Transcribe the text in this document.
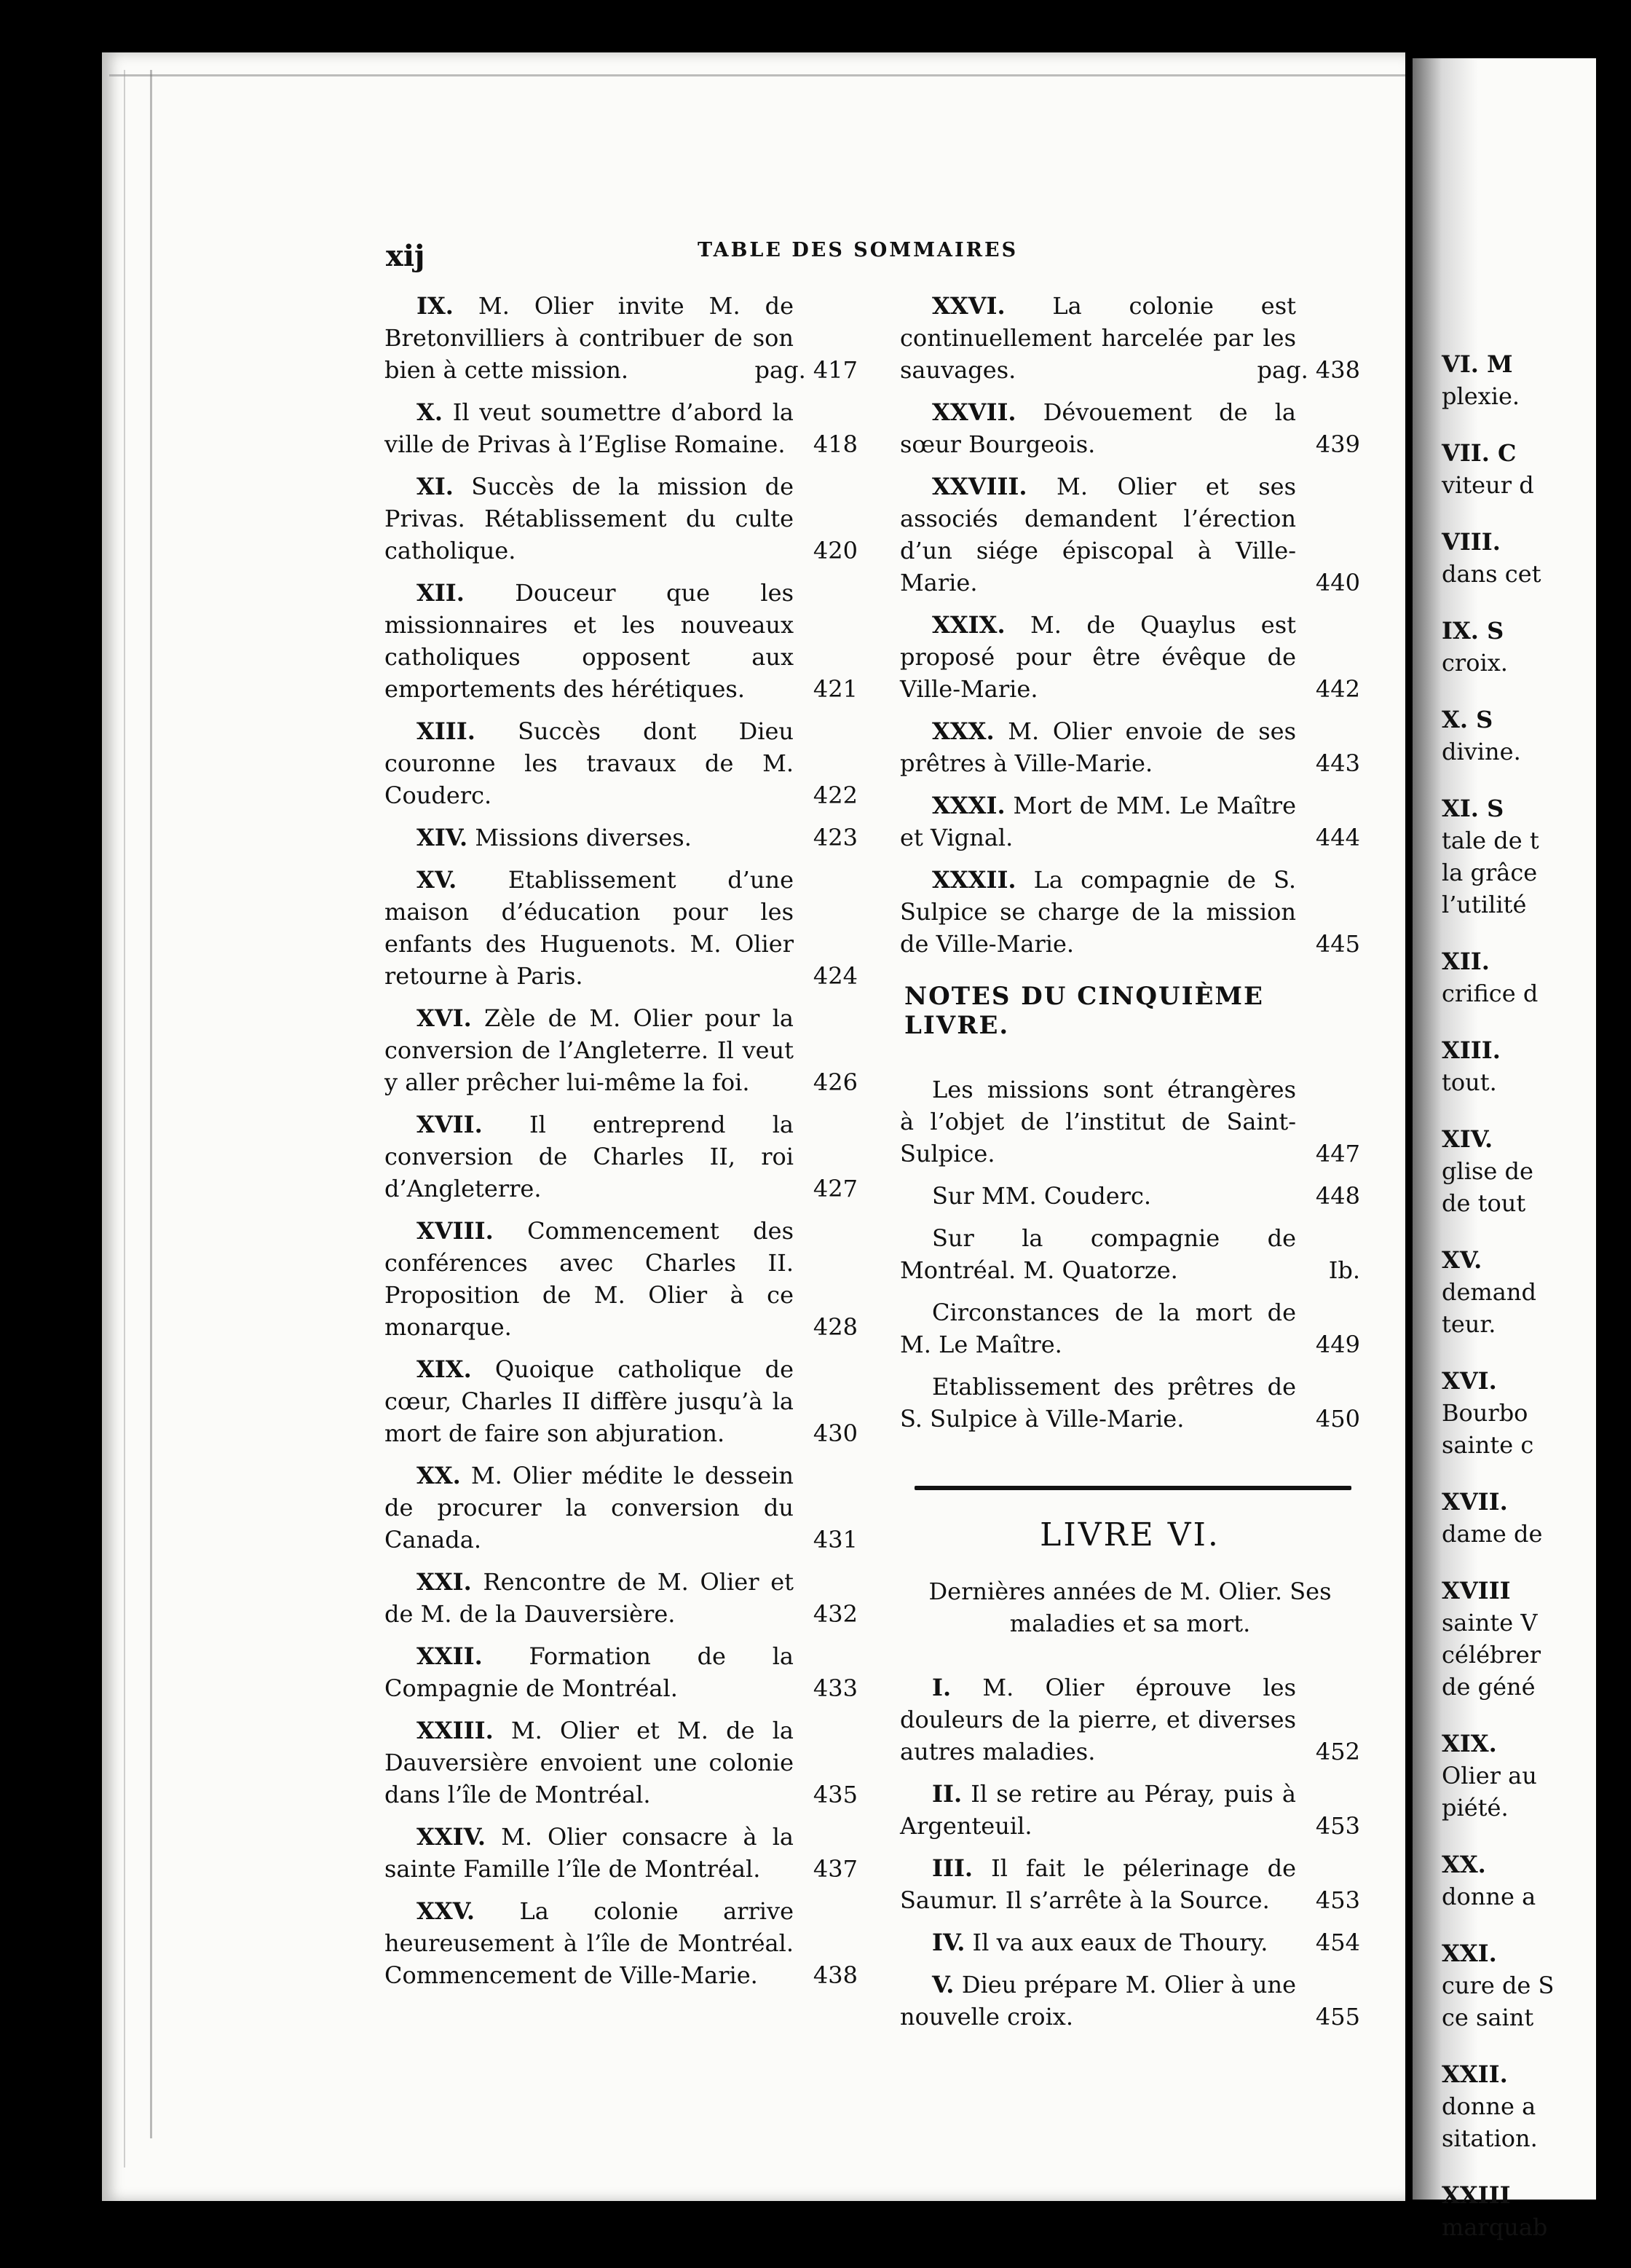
xij	TABLE DES SOMMAIRES
IX. M. Olier invite M. de Bretonvilliers à contribuer de son bien à cette mission.	pag. 417
X. Il veut soumettre d’abord la ville de Privas à l’Eglise Romaine.	418
XI. Succès de la mission de Privas. Rétablissement du culte catholique.	420
XII. Douceur que les missionnaires et les nouveaux catholiques opposent aux emportements des hérétiques.	421
XIII. Succès dont Dieu couronne les travaux de M. Couderc.	422
XIV. Missions diverses.	423
XV. Etablissement d’une maison d’éducation pour les enfants des Huguenots. M. Olier retourne à Paris.	424
XVI. Zèle de M. Olier pour la conversion de l’Angleterre. Il veut y aller prêcher lui-même la foi.	426
XVII. Il entreprend la conversion de Charles II, roi d’Angleterre.	427
XVIII. Commencement des conférences avec Charles II. Proposition de M. Olier à ce monarque.	428
XIX. Quoique catholique de cœur, Charles II diffère jusqu’à la mort de faire son abjuration.	430
XX. M. Olier médite le dessein de procurer la conversion du Canada.	431
XXI. Rencontre de M. Olier et de M. de la Dauversière.	432
XXII. Formation de la Compagnie de Montréal.	433
XXIII. M. Olier et M. de la Dauversière envoient une colonie dans l’île de Montréal.	435
XXIV. M. Olier consacre à la sainte Famille l’île de Montréal.	437
XXV. La colonie arrive heureusement à l’île de Montréal. Commencement de Ville-Marie.	438
XXVI. La colonie est continuellement harcelée par les sauvages.	pag. 438
XXVII. Dévouement de la sœur Bourgeois.	439
XXVIII. M. Olier et ses associés demandent l’érection d’un siége épiscopal à Ville-Marie.	440
XXIX. M. de Quaylus est proposé pour être évêque de Ville-Marie.	442
XXX. M. Olier envoie de ses prêtres à Ville-Marie.	443
XXXI. Mort de MM. Le Maître et Vignal.	444
XXXII. La compagnie de S. Sulpice se charge de la mission de Ville-Marie.	445
NOTES DU CINQUIÈME LIVRE.
Les missions sont étrangères à l’objet de l’institut de Saint-Sulpice.	447
Sur MM. Couderc.	448
Sur la compagnie de Montréal. M. Quatorze.	Ib.
Circonstances de la mort de M. Le Maître.	449
Etablissement des prêtres de S. Sulpice à Ville-Marie.	450
LIVRE VI.
Dernières années de M. Olier. Ses maladies et sa mort.
I. M. Olier éprouve les douleurs de la pierre, et diverses autres maladies.	452
II. Il se retire au Péray, puis à Argenteuil.	453
III. Il fait le pélerinage de Saumur. Il s’arrête à la Source.	453
IV. Il va aux eaux de Thoury.	454
V. Dieu prépare M. Olier à une nouvelle croix.	455
VI. M
plexie.
VII. C
viteur d
VIII.
dans cet
IX. S
croix.
X. S
divine.
XI. S
tale de t
la grâce
l’utilité
XII.
crifice d
XIII.
tout.
XIV.
glise de
de tout
XV.
demand
teur.
XVI.
Bourbo
sainte c
XVII.
dame de
XVIII
sainte V
célébrer
de géné
XIX.
Olier au
piété.
XX.
donne a
XXI.
cure de S
ce saint
XXII.
donne a
sitation.
XXIII
marquab
